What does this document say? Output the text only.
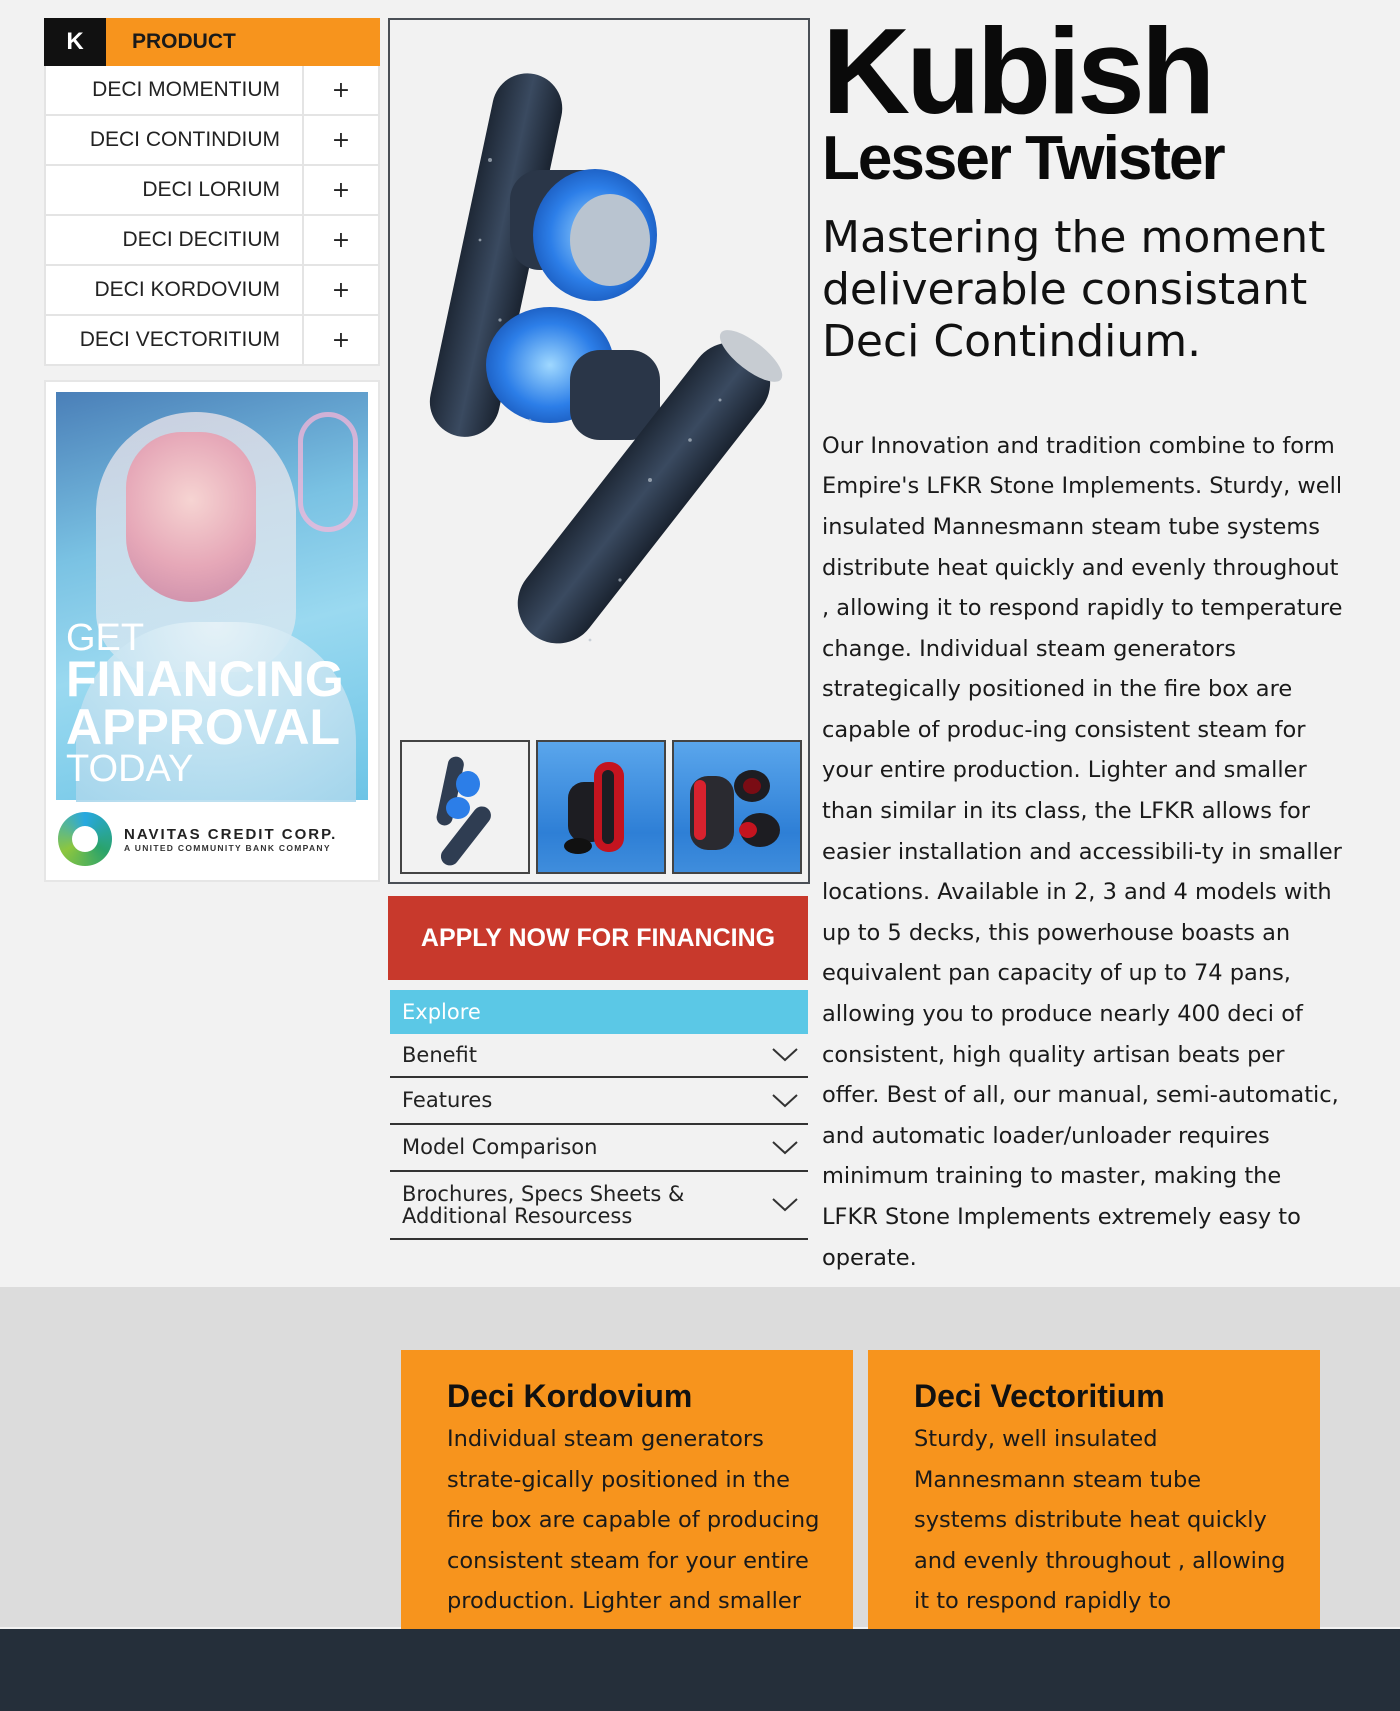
K	PRODUCT
DECI MOMENTIUM	+
DECI CONTINDIUM	+
DECI LORIUM	+
DECI DECITIUM	+
DECI KORDOVIUM	+
DECI VECTORITIUM	+
GET
FINANCING
APPROVAL
TODAY
NAVITAS CREDIT CORP.
A UNITED COMMUNITY BANK COMPANY
APPLY NOW FOR FINANCING
Explore
Benefit
Features
Model Comparison
Brochures, Specs Sheets &
Additional Resourcess
Kubish
Lesser Twister
Mastering the moment
deliverable consistant
Deci Contindium.

Our Innovation and tradition combine to form Empire's LFKR Stone Implements. Sturdy, well insulated Mannesmann steam tube systems distribute heat quickly and evenly throughout , allowing it to respond rapidly to temperature change. Individual steam generators strategically positioned in the fire box are capable of produc-ing consistent steam for your entire production. Lighter and smaller than similar in its class, the LFKR allows for easier installation and accessibili-ty in smaller locations. Available in 2, 3 and 4 models with up to 5 decks, this powerhouse boasts an equivalent pan capacity of up to 74 pans, allowing you to produce nearly 400 deci of consistent, high quality artisan beats per offer. Best of all, our manual, semi-automatic, and automatic loader/unloader requires minimum training to master, making the LFKR Stone Implements extremely easy to operate.

Deci Kordovium

Individual steam generators strate-gically positioned in the fire box are capable of producing consistent steam for your entire production. Lighter and smaller

Deci Vectoritium

Sturdy, well insulated Mannesmann steam tube systems distribute heat quickly and evenly throughout , allowing it to respond rapidly to
